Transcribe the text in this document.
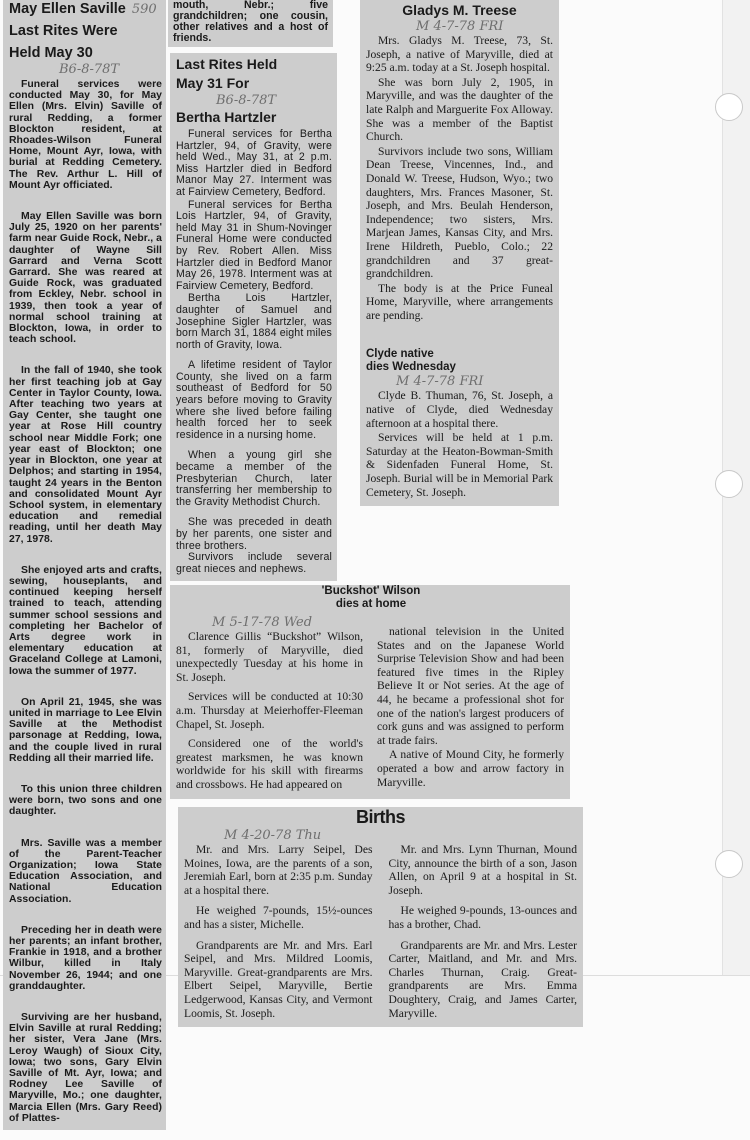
May Ellen Saville 590
Last Rites Were
Held May 30
B6-8-78T

Funeral services were conducted May 30, for May Ellen (Mrs. Elvin) Saville of rural Redding, a former Blockton resident, at Rhoades-Wilson Funeral Home, Mount Ayr, Iowa, with burial at Redding Cemetery. The Rev. Arthur L. Hill of Mount Ayr officiated.

May Ellen Saville was born July 25, 1920 on her parents' farm near Guide Rock, Nebr., a daughter of Wayne Sill Garrard and Verna Scott Garrard. She was reared at Guide Rock, was graduated from Eckley, Nebr. school in 1939, then took a year of normal school training at Blockton, Iowa, in order to teach school.

In the fall of 1940, she took her first teaching job at Gay Center in Taylor County, Iowa. After teaching two years at Gay Center, she taught one year at Rose Hill country school near Middle Fork; one year east of Blockton; one year in Blockton, one year at Delphos; and starting in 1954, taught 24 years in the Benton and consolidated Mount Ayr School system, in elementary education and remedial reading, until her death May 27, 1978.

She enjoyed arts and crafts, sewing, houseplants, and continued keeping herself trained to teach, attending summer school sessions and completing her Bachelor of Arts degree work in elementary education at Graceland College at Lamoni, Iowa the summer of 1977.

On April 21, 1945, she was united in marriage to Lee Elvin Saville at the Methodist parsonage at Redding, Iowa, and the couple lived in rural Redding all their married life.

To this union three children were born, two sons and one daughter.

Mrs. Saville was a member of the Parent-Teacher Organization; Iowa State Education Association, and National Education Association.

Preceding her in death were her parents; an infant brother, Frankie in 1918, and a brother Wilbur, killed in Italy November 26, 1944; and one granddaughter.

Surviving are her husband, Elvin Saville at rural Redding; her sister, Vera Jane (Mrs. Leroy Waugh) of Sioux City, Iowa; two sons, Gary Elvin Saville of Mt. Ayr, Iowa; and Rodney Lee Saville of Maryville, Mo.; one daughter, Marcia Ellen (Mrs. Gary Reed) of Plattes-

mouth, Nebr.; five grandchildren; one cousin, other relatives and a host of friends.
Last Rites Held
May 31 For
B6-8-78T
Bertha Hartzler

Funeral services for Bertha Hartzler, 94, of Gravity, were held Wed., May 31, at 2 p.m. Miss Hartzler died in Bedford Manor May 27. Interment was at Fairview Cemetery, Bedford.

Funeral services for Bertha Lois Hartzler, 94, of Gravity, held May 31 in Shum-Novinger Funeral Home were conducted by Rev. Robert Allen. Miss Hartzler died in Bedford Manor May 26, 1978. Interment was at Fairview Cemetery, Bedford.

Bertha Lois Hartzler, daughter of Samuel and Josephine Sigler Hartzler, was born March 31, 1884 eight miles north of Gravity, Iowa.

A lifetime resident of Taylor County, she lived on a farm southeast of Bedford for 50 years before moving to Gravity where she lived before failing health forced her to seek residence in a nursing home.

When a young girl she became a member of the Presbyterian Church, later transferring her membership to the Gravity Methodist Church.

She was preceded in death by her parents, one sister and three brothers.

Survivors include several great nieces and nephews.

Gladys M. Treese
M 4-7-78 FRI

Mrs. Gladys M. Treese, 73, St. Joseph, a native of Maryville, died at 9:25 a.m. today at a St. Joseph hospital.

She was born July 2, 1905, in Maryville, and was the daughter of the late Ralph and Marguerite Fox Alloway. She was a member of the Baptist Church.

Survivors include two sons, William Dean Treese, Vincennes, Ind., and Donald W. Treese, Hudson, Wyo.; two daughters, Mrs. Frances Masoner, St. Joseph, and Mrs. Beulah Henderson, Independence; two sisters, Mrs. Marjean James, Kansas City, and Mrs. Irene Hildreth, Pueblo, Colo.; 22 grandchildren and 37 great-grandchildren.

The body is at the Price Funeal Home, Maryville, where arrangements are pending.

Clyde native
dies Wednesday
M 4-7-78 FRI

Clyde B. Thuman, 76, St. Joseph, a native of Clyde, died Wednesday afternoon at a hospital there.

Services will be held at 1 p.m. Saturday at the Heaton-Bowman-Smith & Sidenfaden Funeral Home, St. Joseph. Burial will be in Memorial Park Cemetery, St. Joseph.

'Buckshot' Wilson
dies at home
M 5-17-78 Wed

Clarence Gillis “Buckshot” Wilson, 81, formerly of Maryville, died unexpectedly Tuesday at his home in St. Joseph.

Services will be conducted at 10:30 a.m. Thursday at Meierhoffer-Fleeman Chapel, St. Joseph.

Considered one of the world's greatest marksmen, he was known worldwide for his skill with firearms and crossbows. He had appeared on

national television in the United States and on the Japanese World Surprise Television Show and had been featured five times in the Ripley Believe It or Not series. At the age of 44, he became a professional shot for one of the nation's largest producers of cork guns and was assigned to perform at trade fairs.

A native of Mound City, he formerly operated a bow and arrow factory in Maryville.

Births
M 4-20-78 Thu

Mr. and Mrs. Larry Seipel, Des Moines, Iowa, are the parents of a son, Jeremiah Earl, born at 2:35 p.m. Sunday at a hospital there.

He weighed 7-pounds, 15½-ounces and has a sister, Michelle.

Grandparents are Mr. and Mrs. Earl Seipel, and Mrs. Mildred Loomis, Maryville. Great-grandparents are Mrs. Elbert Seipel, Maryville, Bertie Ledgerwood, Kansas City, and Vermont Loomis, St. Joseph.

Mr. and Mrs. Lynn Thurnan, Mound City, announce the birth of a son, Jason Allen, on April 9 at a hospital in St. Joseph.

He weighed 9-pounds, 13-ounces and has a brother, Chad.

Grandparents are Mr. and Mrs. Lester Carter, Maitland, and Mr. and Mrs. Charles Thurnan, Craig. Great-grandparents are Mrs. Emma Doughtery, Craig, and James Carter, Maryville.
